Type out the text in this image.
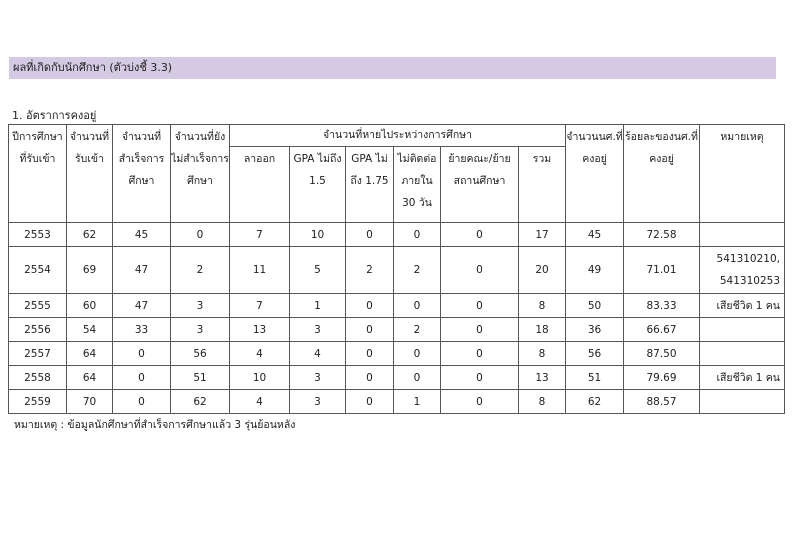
ผลที่เกิดกับนักศึกษา (ตัวบ่งชี้ 3.3)
1. อัตราการคงอยู่
ปีการศึกษาที่รับเข้า	จำนวนที่รับเข้า	จำนวนที่สำเร็จการศึกษา	จำนวนที่ยังไม่สำเร็จการศึกษา	จำนวนที่หายไประหว่างการศึกษา						จำนวนนศ.ที่คงอยู่	ร้อยละของนศ.ที่คงอยู่	หมายเหตุ
				ลาออก	GPA ไม่ถึง 1.5	GPA ไม่ถึง 1.75	ไม่ติดต่อภายใน 30 วัน	ย้ายคณะ/ย้ายสถานศึกษา	รวม			
2553	62	45	0	7	10	0	0	0	17	45	72.58	
2554	69	47	2	11	5	2	2	0	20	49	71.01	541310210,
541310253
2555	60	47	3	7	1	0	0	0	8	50	83.33	เสียชีวิต 1 คน
2556	54	33	3	13	3	0	2	0	18	36	66.67	
2557	64	0	56	4	4	0	0	0	8	56	87.50	
2558	64	0	51	10	3	0	0	0	13	51	79.69	เสียชีวิต 1 คน
2559	70	0	62	4	3	0	1	0	8	62	88.57	
หมายเหตุ : ข้อมูลนักศึกษาที่สำเร็จการศึกษาแล้ว 3 รุ่นย้อนหลัง
